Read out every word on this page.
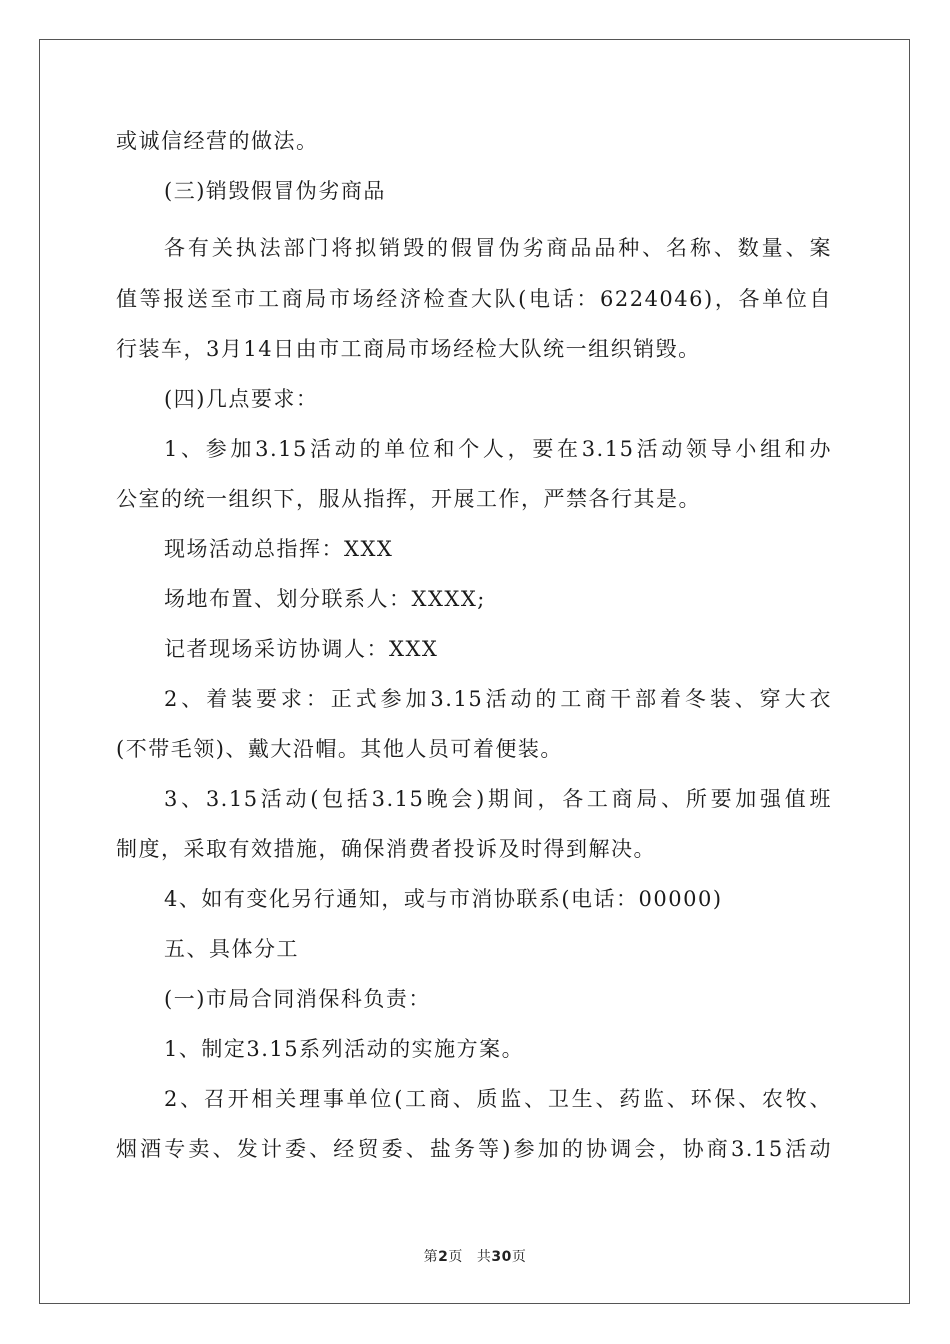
或诚信经营的做法。
(三)销毁假冒伪劣商品
各有关执法部门将拟销毁的假冒伪劣商品品种、名称、数量、案
值等报送至市工商局市场经济检查大队(电话：6224046)，各单位自
行装车，3月14日由市工商局市场经检大队统一组织销毁。
(四)几点要求：
1、参加3.15活动的单位和个人，要在3.15活动领导小组和办
公室的统一组织下，服从指挥，开展工作，严禁各行其是。
现场活动总指挥：XXX
场地布置、划分联系人：XXXX;
记者现场采访协调人：XXX
2、着装要求：正式参加3.15活动的工商干部着冬装、穿大衣
(不带毛领)、戴大沿帽。其他人员可着便装。
3、3.15活动(包括3.15晚会)期间，各工商局、所要加强值班
制度，采取有效措施，确保消费者投诉及时得到解决。
4、如有变化另行通知，或与市消协联系(电话：00000)
五、具体分工
(一)市局合同消保科负责：
1、制定3.15系列活动的实施方案。
2、召开相关理事单位(工商、质监、卫生、药监、环保、农牧、
烟酒专卖、发计委、经贸委、盐务等)参加的协调会，协商3.15活动
第2页 共30页
